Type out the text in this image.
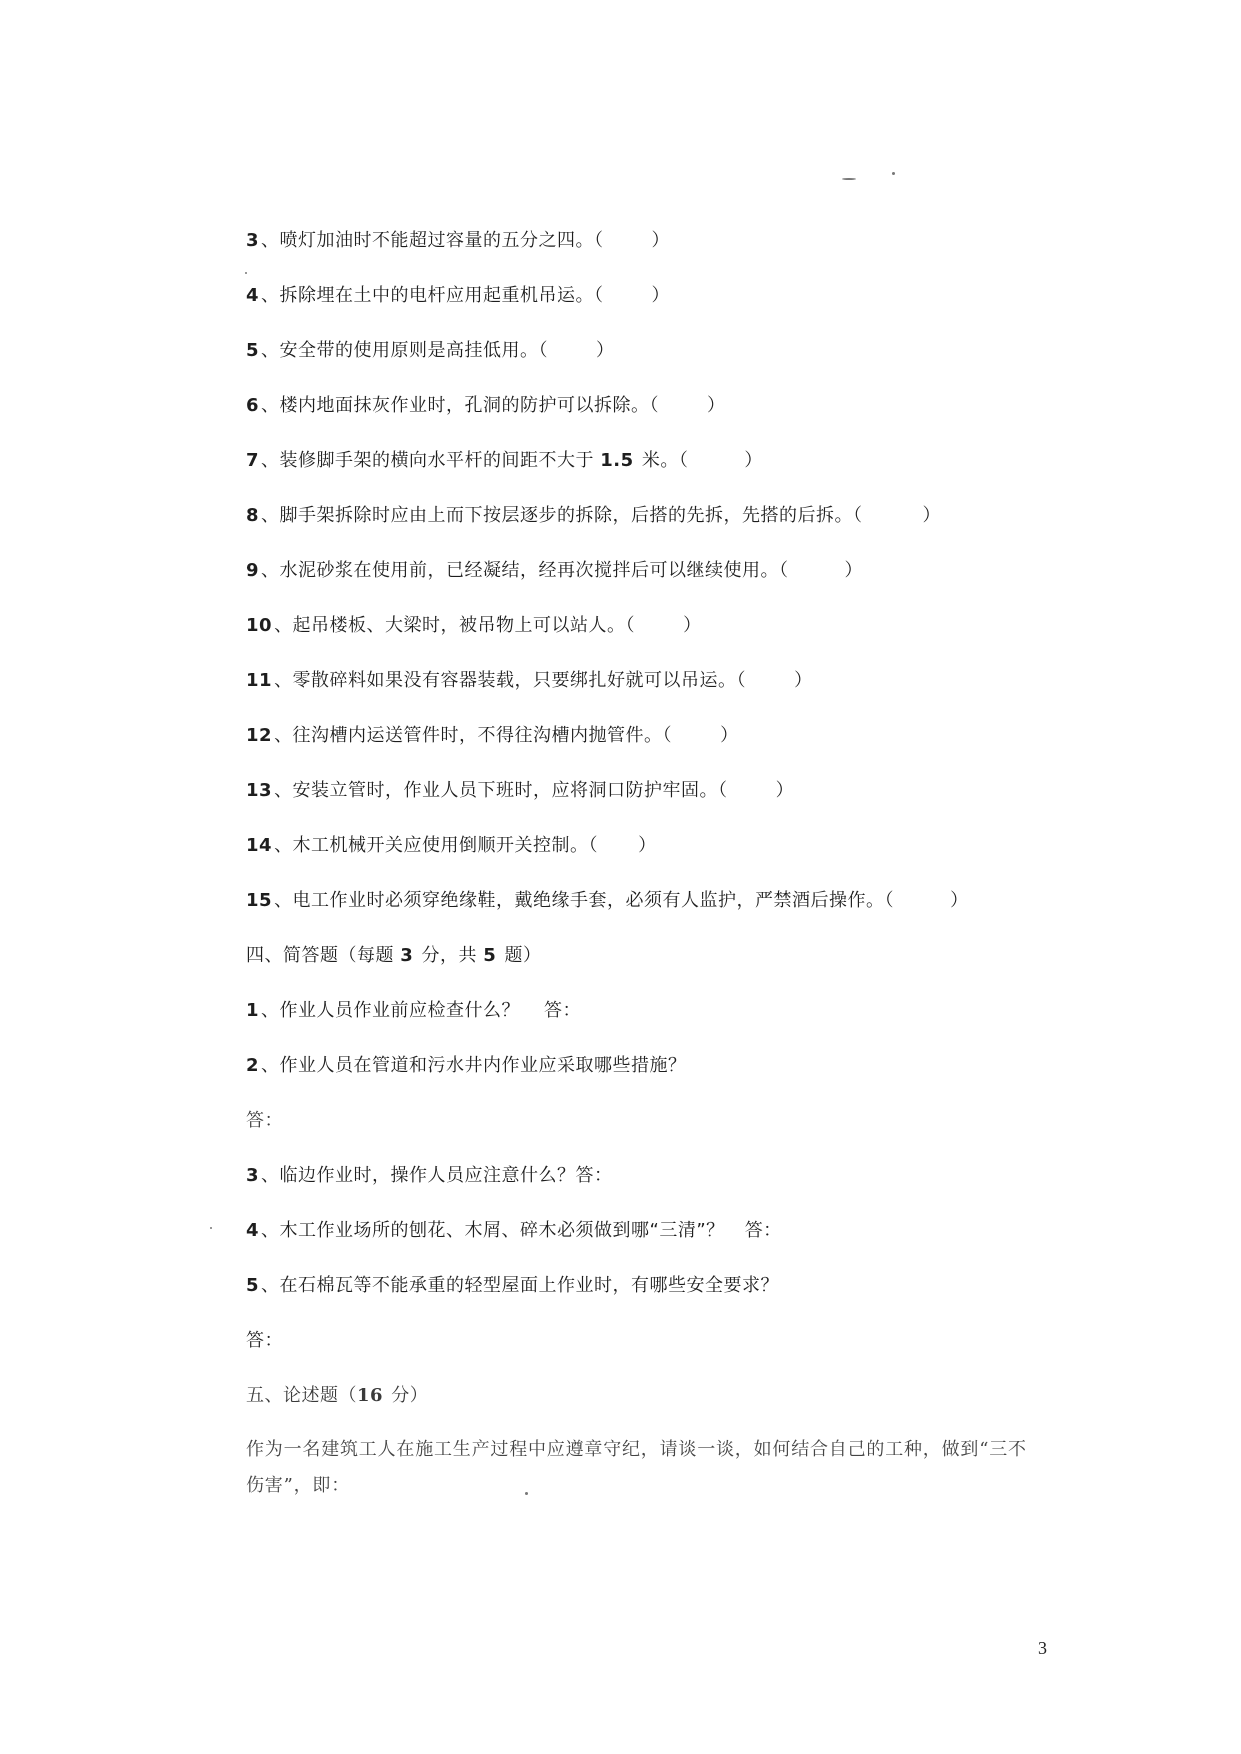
3 、喷灯加油时不能超过容量的五分之四。（	）
4 、拆除埋在土中的电杆应用起重机吊运。（	）
5 、安全带的使用原则是高挂低用。（	）
6 、楼内地面抹灰作业时，孔洞的防护可以拆除。（	）
7 、装修脚手架的横向水平杆的间距不大于 1.5 米。（	）
8 、脚手架拆除时应由上而下按层逐步的拆除，后搭的先拆，先搭的后拆。（	）
9 、水泥砂浆在使用前，已经凝结，经再次搅拌后可以继续使用。（	）
10 、起吊楼板、大梁时，被吊物上可以站人。（	）
11 、零散碎料如果没有容器装载，只要绑扎好就可以吊运。（	）
12 、往沟槽内运送管件时，不得往沟槽内抛管件。（	）
13 、安装立管时，作业人员下班时，应将洞口防护牢固。（	）
14 、木工机械开关应使用倒顺开关控制。（ ）
15 、电工作业时必须穿绝缘鞋，戴绝缘手套，必须有人监护，严禁酒后操作。（	）
四、简答题（每题 3 分，共 5 题）
1 、作业人员作业前应检查什么？ 答：
2 、作业人员在管道和污水井内作业应采取哪些措施？
答：
3 、临边作业时，操作人员应注意什么？答：
4 、木工作业场所的刨花、木屑、碎木必须做到哪“三清”？ 答：
5 、在石棉瓦等不能承重的轻型屋面上作业时，有哪些安全要求？
答：
五、论述题（16 分）
作为一名建筑工人在施工生产过程中应遵章守纪，请谈一谈，如何结合自己的工种，做到“三不
伤害”，即：
3
